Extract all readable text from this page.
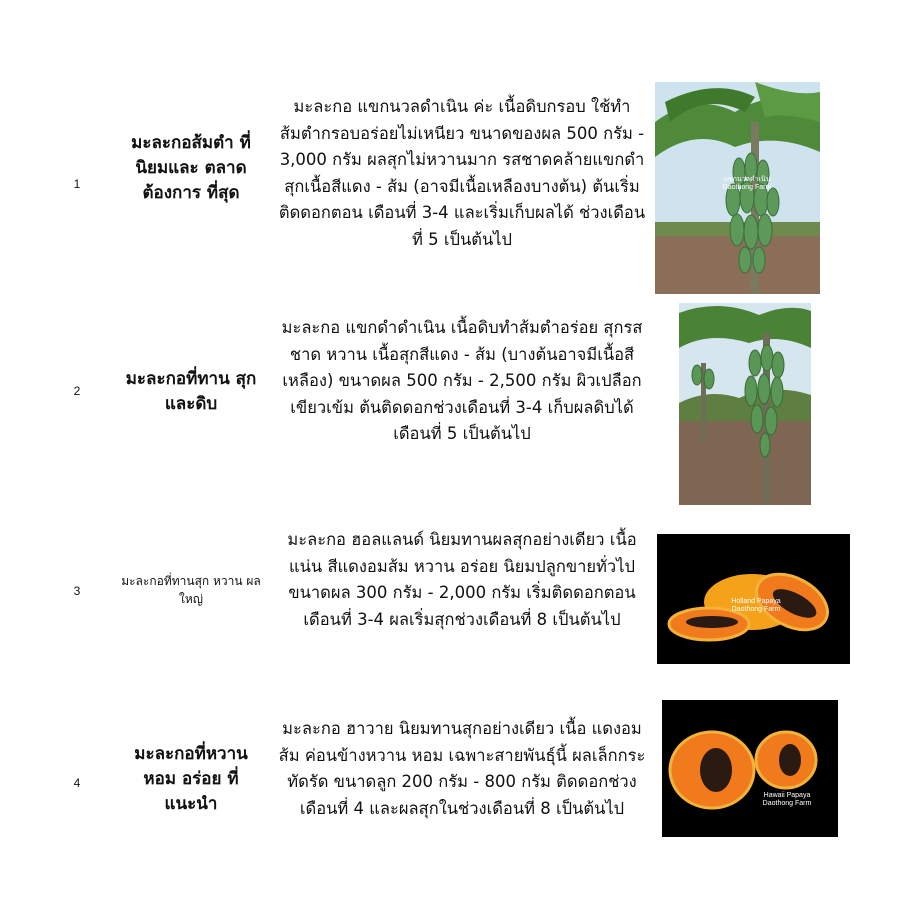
1
มะละกอส้มตำ ที่นิยมและ ตลาดต้องการ ที่สุด
มะละกอ แขกนวลดำเนิน ค่ะ เนื้อดิบกรอบ ใช้ทำส้มตำกรอบอร่อยไม่เหนียว ขนาดของผล 500 กรัม - 3,000 กรัม ผลสุกไม่หวานมาก รสชาดคล้ายแขกดำ สุกเนื้อสีแดง - ส้ม (อาจมีเนื้อเหลืองบางต้น) ต้นเริ่มติดดอกตอน เดือนที่ 3-4 และเริ่มเก็บผลได้ ช่วงเดือนที่ 5 เป็นต้นไป
แขกนวลดำเนิน
Daothong Farm
2
มะละกอที่ทาน สุกและดิบ
มะละกอ แขกดำดำเนิน เนื้อดิบทำส้มตำอร่อย สุกรสชาด หวาน เนื้อสุกสีแดง - ส้ม (บางต้นอาจมีเนื้อสีเหลือง) ขนาดผล 500 กรัม - 2,500 กรัม ผิวเปลือกเขียวเข้ม ต้นติดดอกช่วงเดือนที่ 3-4 เก็บผลดิบได้ เดือนที่ 5 เป็นต้นไป
3
มะละกอที่ทานสุก หวาน ผลใหญ่
มะละกอ ฮอลแลนด์ นิยมทานผลสุกอย่างเดียว เนื้อแน่น สีแดงอมส้ม หวาน อร่อย นิยมปลูกขายทั่วไป ขนาดผล 300 กรัม - 2,000 กรัม เริ่มติดดอกตอนเดือนที่ 3-4 ผลเริ่มสุกช่วงเดือนที่ 8 เป็นต้นไป
Holland Papaya
Daothong Farm
4
มะละกอที่หวาน หอม อร่อย ที่ แนะนำ
มะละกอ ฮาวาย นิยมทานสุกอย่างเดียว เนื้อ แดงอมส้ม ค่อนข้างหวาน หอม เฉพาะสายพันธุ์นี้ ผลเล็กกระทัดรัด ขนาดลูก 200 กรัม - 800 กรัม ติดดอกช่วงเดือนที่ 4 และผลสุกในช่วงเดือนที่ 8 เป็นต้นไป
Hawaii Papaya
Daothong Farm
